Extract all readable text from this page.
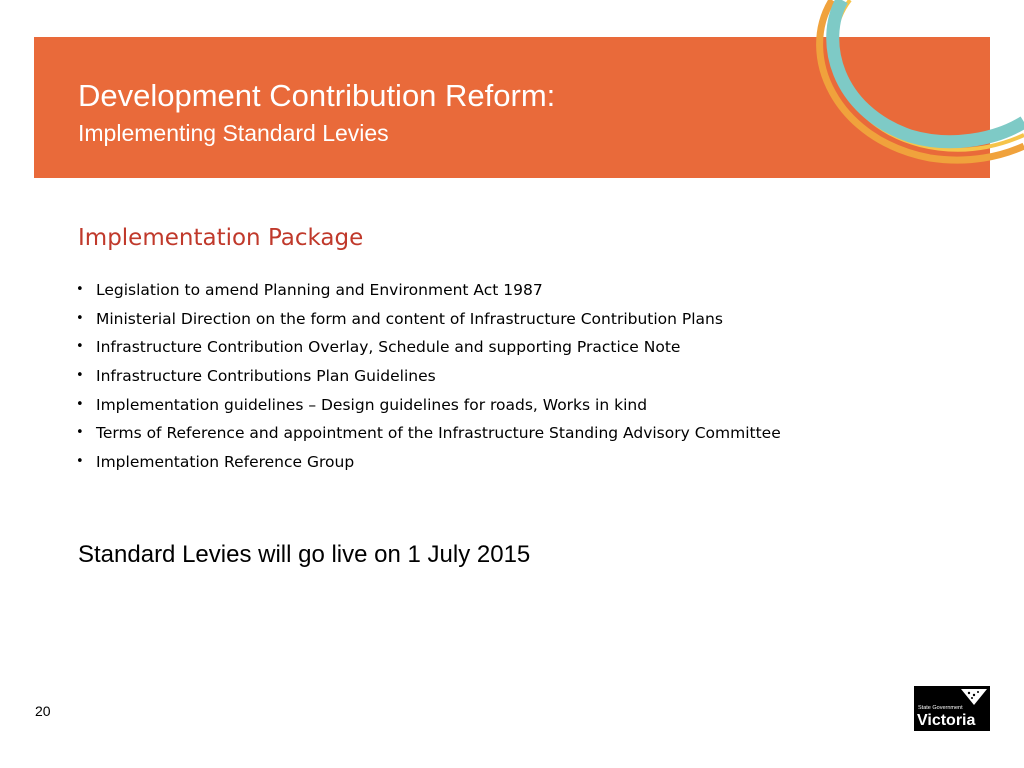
Development Contribution Reform:
Implementing Standard Levies
Implementation Package
• Legislation to amend Planning and Environment Act 1987
• Ministerial Direction on the form and content of Infrastructure Contribution Plans
• Infrastructure Contribution Overlay, Schedule and supporting Practice Note
• Infrastructure Contributions Plan Guidelines
• Implementation guidelines – Design guidelines for roads, Works in kind
• Terms of Reference and appointment of the Infrastructure Standing Advisory Committee
• Implementation Reference Group

Standard Levies will go live on 1 July 2015

20	State Government
Victoria
